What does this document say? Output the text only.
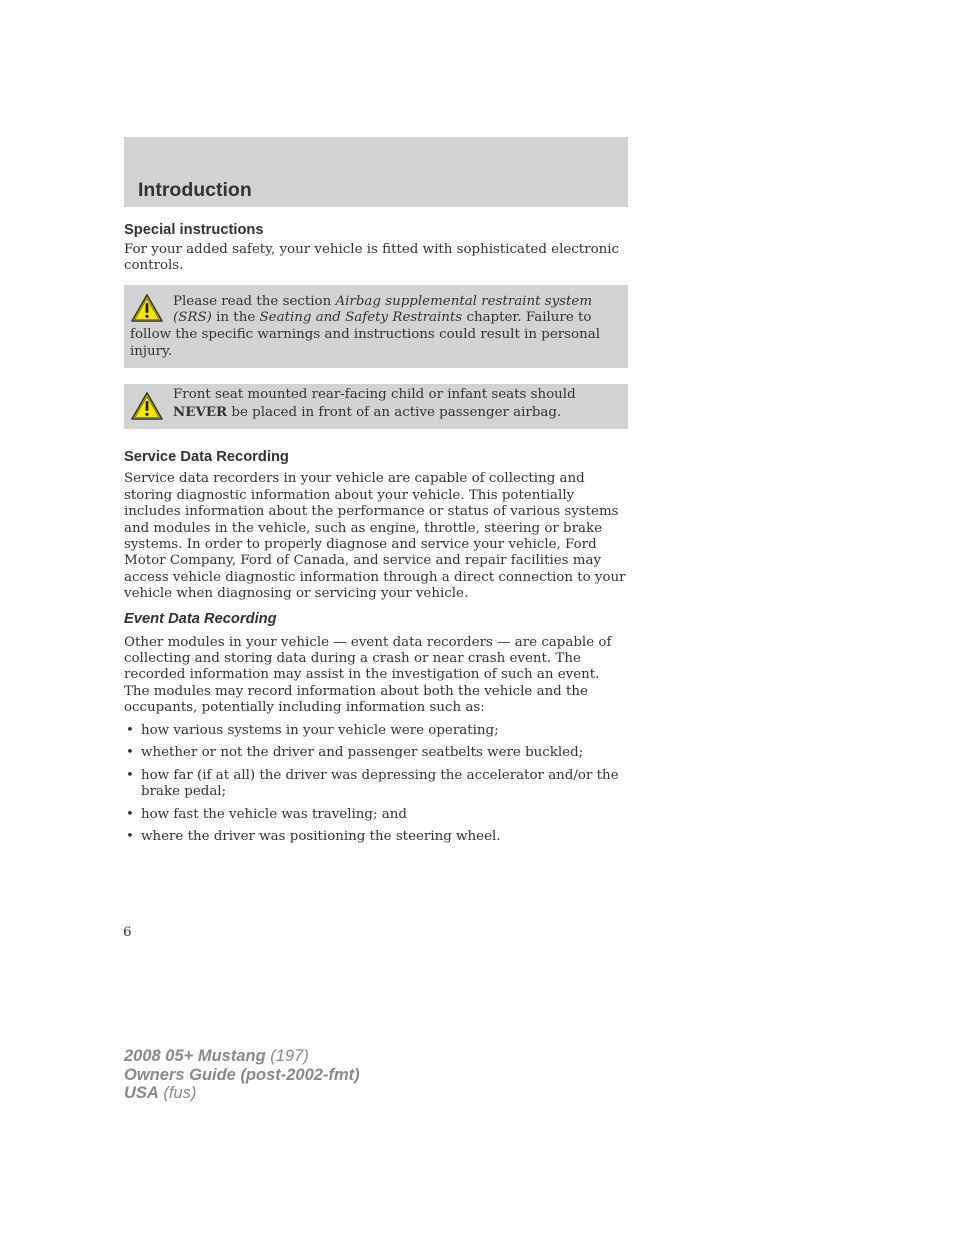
Introduction
Special instructions

For your added safety, your vehicle is fitted with sophisticated electronic controls.

Please read the section Airbag supplemental restraint system (SRS) in the Seating and Safety Restraints chapter. Failure to follow the specific warnings and instructions could result in personal injury.
Front seat mounted rear-facing child or infant seats should NEVER be placed in front of an active passenger airbag.
Service Data Recording

Service data recorders in your vehicle are capable of collecting and storing diagnostic information about your vehicle. This potentially includes information about the performance or status of various systems and modules in the vehicle, such as engine, throttle, steering or brake systems. In order to properly diagnose and service your vehicle, Ford Motor Company, Ford of Canada, and service and repair facilities may access vehicle diagnostic information through a direct connection to your vehicle when diagnosing or servicing your vehicle.

Event Data Recording

Other modules in your vehicle — event data recorders — are capable of collecting and storing data during a crash or near crash event. The recorded information may assist in the investigation of such an event. The modules may record information about both the vehicle and the occupants, potentially including information such as:

• how various systems in your vehicle were operating;
• whether or not the driver and passenger seatbelts were buckled;
• how far (if at all) the driver was depressing the accelerator and/or the brake pedal;
• how fast the vehicle was traveling; and
• where the driver was positioning the steering wheel.
6
2008 05+ Mustang (197)
Owners Guide (post-2002-fmt)
USA (fus)
